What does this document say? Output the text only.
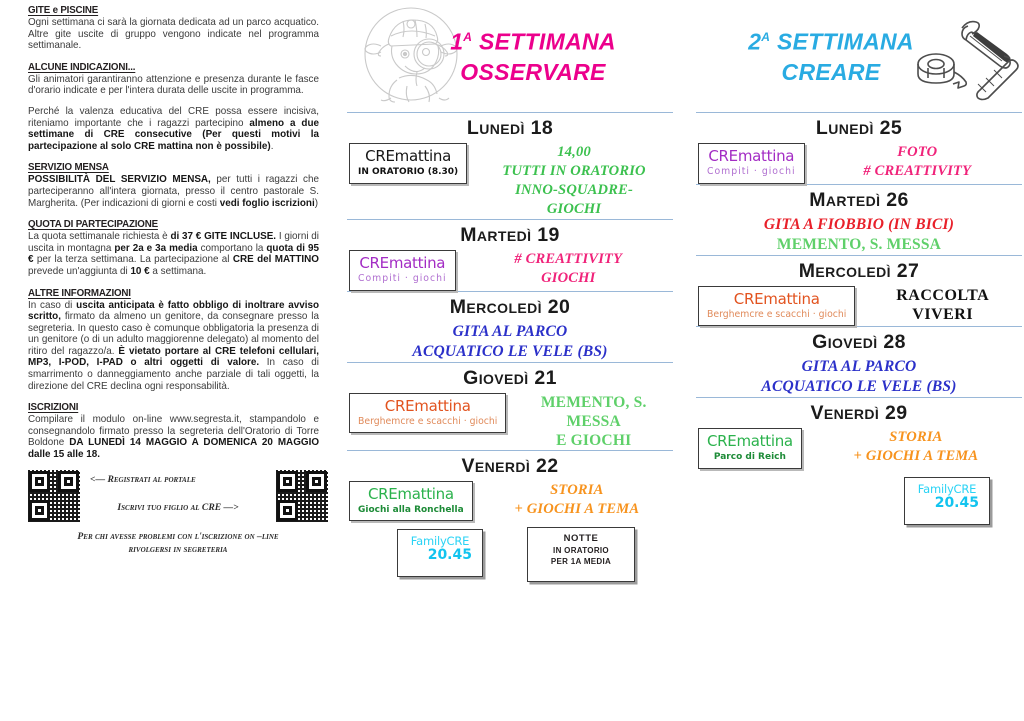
GITE e PISCINE
Ogni settimana ci sarà la giornata dedicata ad un parco acquatico. Altre gite uscite di gruppo vengono indicate nel programma settimanale.
ALCUNE INDICAZIONI...
Gli animatori garantiranno attenzione e presenza durante le fasce d'orario indicate e per l'intera durata delle uscite in programma.
Perché la valenza educativa del CRE possa essere incisiva, riteniamo importante che i ragazzi partecipino almeno a due settimane di CRE consecutive (Per questi motivi la partecipazione al solo CRE mattina non è possibile).
SERVIZIO MENSA
POSSIBILITÀ DEL SERVIZIO MENSA, per tutti i ragazzi che parteciperanno all'intera giornata, presso il centro pastorale S. Margherita. (Per indicazioni di giorni e costi vedi foglio iscrizioni)
QUOTA DI PARTECIPAZIONE
La quota settimanale richiesta è di 37 € GITE INCLUSE. I giorni di uscita in montagna per 2a e 3a media comportano la quota di 95 € per la terza settimana. La partecipazione al CRE del MATTINO prevede un'aggiunta di 10 € a settimana.
ALTRE INFORMAZIONI
In caso di uscita anticipata è fatto obbligo di inoltrare avviso scritto, firmato da almeno un genitore, da consegnare presso la segreteria. In questo caso è comunque obbligatoria la presenza di un genitore (o di un adulto maggiorenne delegato) al momento del ritiro del ragazzo/a. È vietato portare al CRE telefoni cellulari, MP3, I-POD, I-PAD o altri oggetti di valore. In caso di smarrimento o danneggiamento anche parziale di tali oggetti, la direzione del CRE declina ogni responsabilità.
ISCRIZIONI
Compilare il modulo on-line www.segresta.it, stampandolo e consegnandolo firmato presso la segreteria dell'Oratorio di Torre Boldone DA LUNEDÌ 14 MAGGIO A DOMENICA 20 MAGGIO dalle 15 alle 18.
<— Registrati al portale
Iscrivi tuo figlio al CRE —>
Per chi avesse problemi con l'iscrizione on –line
rivolgersi in segreteria
$1^A$ SETTIMANA
OSSERVARE
Lunedì 18
CREmattina
IN ORATORIO (8.30)
14,00
TUTTI IN ORATORIO
INNO-SQUADRE-
GIOCHI
Martedì 19
CREmattina
Compiti · giochi
# CREATTIVITY
GIOCHI
Mercoledì 20
GITA AL PARCO
ACQUATICO LE VELE (BS)
Giovedì 21
CREmattina
Berghemcre e scacchi · giochi
MEMENTO, S. MESSA
E GIOCHI
Venerdì 22
CREmattina
Giochi alla Ronchella
STORIA
+ GIOCHI A TEMA
FamilyCRE
20.45
NOTTE
IN ORATORIO
PER 1A MEDIA
$2^A$ SETTIMANA
CREARE
Lunedì 25
CREmattina
Compiti · giochi
FOTO
# CREATTIVITY
Martedì 26
GITA A FIOBBIO (IN BICI)
MEMENTO, S. MESSA
Mercoledì 27
CREmattina
Berghemcre e scacchi · giochi
RACCOLTA
VIVERI
Giovedì 28
GITA AL PARCO
ACQUATICO LE VELE (BS)
Venerdì 29
CREmattina
Parco di Reich
STORIA
+ GIOCHI A TEMA
FamilyCRE
20.45
